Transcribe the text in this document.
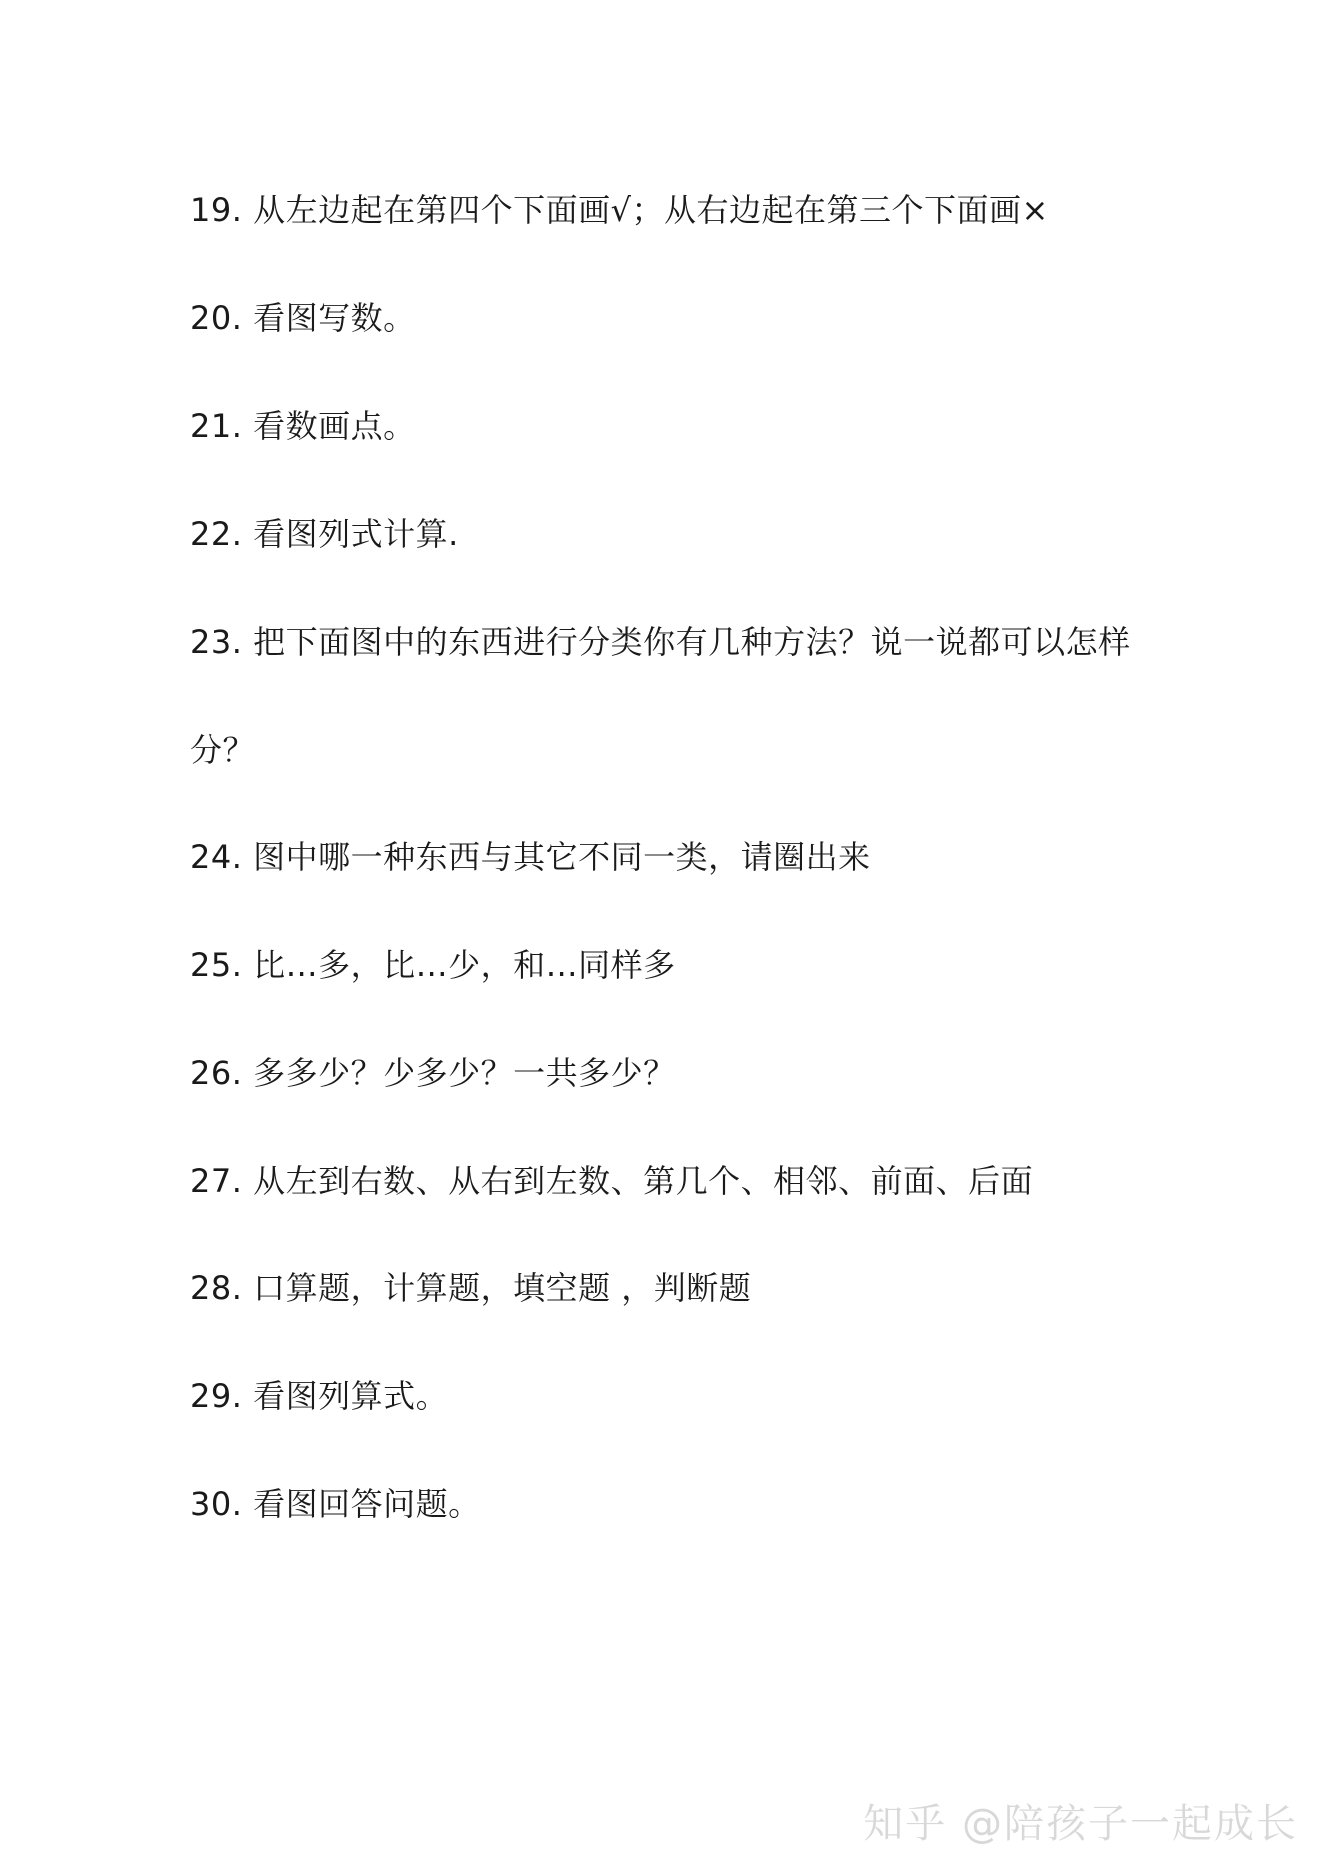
19. 从左边起在第四个下面画√；从右边起在第三个下面画×
20. 看图写数。
21. 看数画点。
22. 看图列式计算.
23. 把下面图中的东西进行分类你有几种方法？说一说都可以怎样
分？
24. 图中哪一种东西与其它不同一类，请圈出来
25. 比…多，比…少，和…同样多
26. 多多少？少多少？一共多少？
27. 从左到右数、从右到左数、第几个、相邻、前面、后面
28. 口算题，计算题，填空题 ，判断题
29. 看图列算式。
30. 看图回答问题。
知乎 @陪孩子一起成长
